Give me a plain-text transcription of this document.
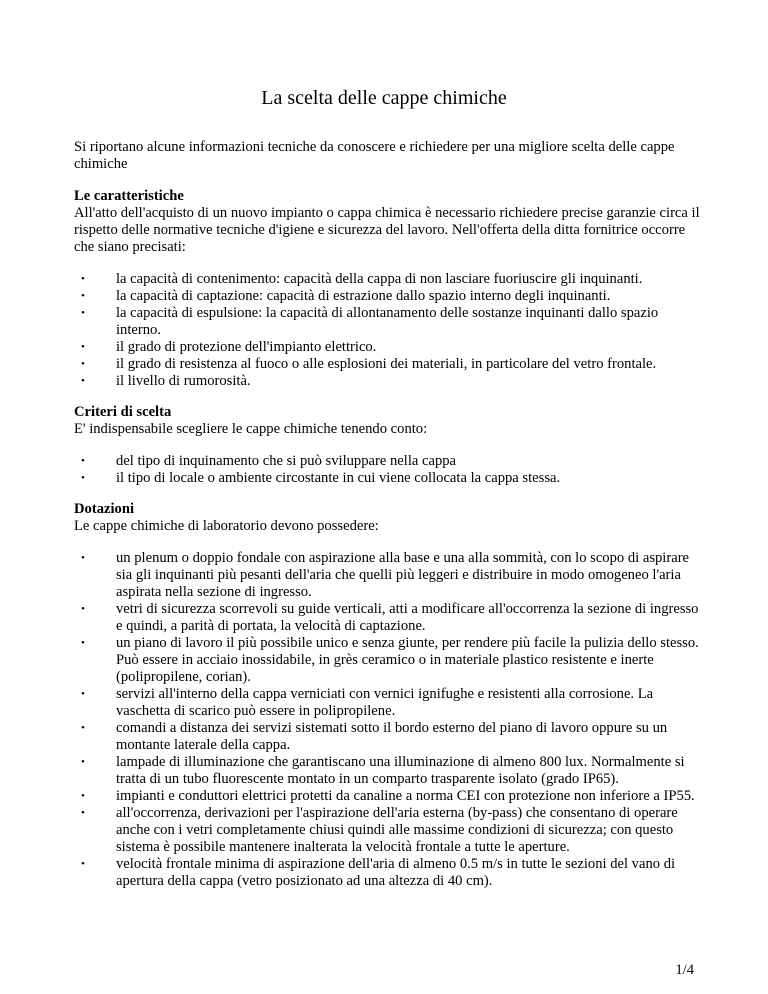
La scelta delle cappe chimiche

Si riportano alcune informazioni tecniche da conoscere e richiedere per una migliore scelta delle cappe chimiche

Le caratteristiche

All'atto dell'acquisto di un nuovo impianto o cappa chimica è necessario richiedere precise garanzie circa il rispetto delle normative tecniche d'igiene e sicurezza del lavoro. Nell'offerta della ditta fornitrice occorre che siano precisati:

• la capacità di contenimento: capacità della cappa di non lasciare fuoriuscire gli inquinanti.
• la capacità di captazione: capacità di estrazione dallo spazio interno degli inquinanti.
• la capacità di espulsione: la capacità di allontanamento delle sostanze inquinanti dallo spazio interno.
• il grado di protezione dell'impianto elettrico.
• il grado di resistenza al fuoco o alle esplosioni dei materiali, in particolare del vetro frontale.
• il livello di rumorosità.

Criteri di scelta

E' indispensabile scegliere le cappe chimiche tenendo conto:

• del tipo di inquinamento che si può sviluppare nella cappa
• il tipo di locale o ambiente circostante in cui viene collocata la cappa stessa.

Dotazioni

Le cappe chimiche di laboratorio devono possedere:

• un plenum o doppio fondale con aspirazione alla base e una alla sommità, con lo scopo di aspirare sia gli inquinanti più pesanti dell'aria che quelli più leggeri e distribuire in modo omogeneo l'aria aspirata nella sezione di ingresso.
• vetri di sicurezza scorrevoli su guide verticali, atti a modificare all'occorrenza la sezione di ingresso e quindi, a parità di portata, la velocità di captazione.
• un piano di lavoro il più possibile unico e senza giunte, per rendere più facile la pulizia dello stesso. Può essere in acciaio inossidabile, in grès ceramico o in materiale plastico resistente e inerte (polipropilene, corian).
• servizi all'interno della cappa verniciati con vernici ignifughe e resistenti alla corrosione. La vaschetta di scarico può essere in polipropilene.
• comandi a distanza dei servizi sistemati sotto il bordo esterno del piano di lavoro oppure su un montante laterale della cappa.
• lampade di illuminazione che garantiscano una illuminazione di almeno 800 lux. Normalmente si tratta di un tubo fluorescente montato in un comparto trasparente isolato (grado IP65).
• impianti e conduttori elettrici protetti da canaline a norma CEI con protezione non inferiore a IP55.
• all'occorrenza, derivazioni per l'aspirazione dell'aria esterna (by-pass) che consentano di operare anche con i vetri completamente chiusi quindi alle massime condizioni di sicurezza; con questo sistema è possibile mantenere inalterata la velocità frontale a tutte le aperture.
• velocità frontale minima di aspirazione dell'aria di almeno 0.5 m/s in tutte le sezioni del vano di apertura della cappa (vetro posizionato ad una altezza di 40 cm).
1/4
